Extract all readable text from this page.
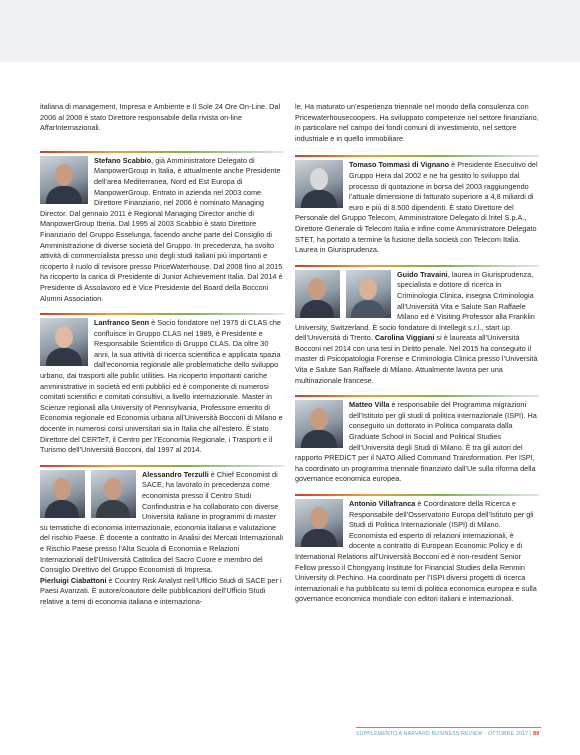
italiana di management, Impresa e Ambiente e Il Sole 24 Ore On-Line. Dal 2006 al 2008 è stato Direttore responsabile della rivista on-line AffarInternazionali.

Stefano Scabbio, già Amministratore Delegato di ManpowerGroup in Italia, è attualmente anche Presidente dell’area Mediterranea, Nord ed Est Europa di ManpowerGroup. Entrato in azienda nel 2003 come Direttore Finanziario, nel 2006 è nominato Managing Director. Dal gennaio 2011 è Regional Managing Director anche di ManpowerGroup Iberia. Dal 1995 al 2003 Scabbio è stato Direttore Finanziario del Gruppo Esselunga, facendo anche parte del Consiglio di Amministrazione di diverse società del Gruppo. In precedenza, ha svolto attività di commercialista presso uno degli studi italiani più importanti e ricoperto il ruolo di revisore presso PriceWaterhouse. Dal 2008 fino al 2015 ha ricoperto la carica di Presidente di Junior Achievement Italia. Dal 2014 è Presidente di Assolavoro ed è Vice Presidente del Board della Bocconi Alumni Association.

Lanfranco Senn è Socio fondatore nel 1975 di CLAS che confluisce in Gruppo CLAS nel 1989, è Presidente e Responsabile Scientifico di Gruppo CLAS. Da oltre 30 anni, la sua attività di ricerca scientifica e applicata spazia dall’economia regionale alle problematiche dello sviluppo urbano, dai trasporti alle public utilities. Ha ricoperto importanti cariche amministrative in società ed enti pubblici ed è componente di numerosi comitati scientifici e comitati consultivi, a livello internazionale. Master in Scienze regionali alla University of Pennsylvania, Professore emerito di Economia regionale ed Economia urbana all’Università Bocconi di Milano e docente in numerosi corsi universitari sia in Italia che all’estero. È stato Direttore del CERTeT, il Centro per l’Economia Regionale, i Trasporti e il Turismo dell’Università Bocconi, dal 1997 al 2014.

Alessandro Terzulli è Chief Economist di SACE, ha lavorato in precedenza come economista presso il Centro Studi Confindustria e ha collaborato con diverse Università italiane in programmi di master su tematiche di economia internazionale, economia italiana e valutazione del rischio Paese. È docente a contratto in Analisi dei Mercati Internazionali e Rischio Paese presso l’Alta Scuola di Economia e Relazioni Internazionali dell’Università Cattolica del Sacro Cuore e membro del Consiglio Direttivo del Gruppo Economisti di Impresa.
Pierluigi Ciabattoni è Country Risk Analyst nell’Ufficio Studi di SACE per i Paesi Avanzati. È autore/coautore delle pubblicazioni dell’Ufficio Studi relative a temi di economia italiana e internaziona-

le. Ha maturato un’esperienza triennale nel mondo della consulenza con Pricewaterhousecoopers. Ha sviluppato competenze nel settore finanziario, in particolare nel campo dei fondi comuni di investimento, nel settore industriale e in quello immobiliare.

Tomaso Tommasi di Vignano è Presidente Esecutivo del Gruppo Hera dal 2002 e ne ha gestito lo sviluppo dal processo di quotazione in borsa del 2003 raggiungendo l’attuale dimensione di fatturato superiore a 4,8 miliardi di euro e più di 8.500 dipendenti. È stato Direttore del Personale del Gruppo Telecom, Amministratore Delegato di Iritel S.p.A., Direttore Generale di Telecom Italia e infine come Amministratore Delegato STET, ha portato a termine la fusione della società con Telecom Italia. Laurea in Giurisprudenza.

Guido Travaini, laurea in Giurisprudenza, specialista e dottore di ricerca in Criminologia Clinica, insegna Criminologia all’Università Vita e Salute San Raffaele Milano ed è Visiting Professor alla Franklin University, Switzerland. È socio fondatore di Intellegit s.r.l., start up dell’Università di Trento. Carolina Viggiani si è laureata all’Università Bocconi nel 2014 con una tesi in Diritto penale. Nel 2015 ha conseguito il master di Psicopatologia Forense e Criminologia Clinica presso l’Università Vita e Salute San Raffaele di Milano. Attualmente lavora per una multinazionale francese.

Matteo Villa è responsabile del Programma migrazioni dell’Istituto per gli studi di politica internazionale (ISPI). Ha conseguito un dottorato in Politica comparata dalla Graduate School in Social and Political Studies dell’Università degli Studi di Milano. È tra gli autori del rapporto PREDICT per il NATO Allied Command Transformation. Per ISPI, ha coordinato un programma triennale finanziato dall’Ue sulla riforma della governance economica europea.

Antonio Villafranca è Coordinatore della Ricerca e Responsabile dell’Osservatorio Europa dell’Istituto per gli Studi di Politica Internazionale (ISPI) di Milano. Economista ed esperto di relazioni internazionali, è docente a contratto di European Economic Policy e di International Relations all’Università Bocconi ed è non-resident Senior Fellow presso il Chongyang Institute for Financial Studies della Renmin University di Pechino. Ha coordinato per l’ISPI diversi progetti di ricerca internazionali e ha pubblicato su temi di politica economica europea e sulla governance economica mondiale con editori italiani e internazionali.

SUPPLEMENTO A HARVARD BUSINESS REVIEW · OTTOBRE 2017 | 89
